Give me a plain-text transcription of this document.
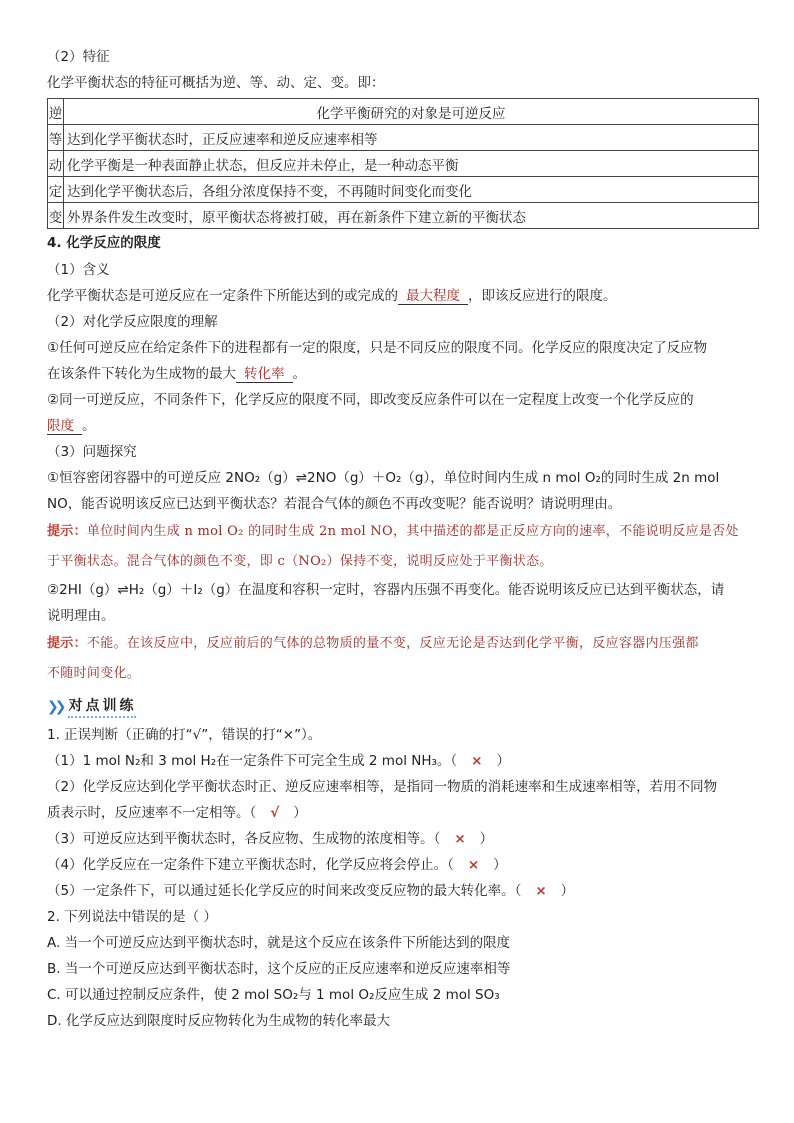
（2）特征
化学平衡状态的特征可概括为逆、等、动、定、变。即：
逆	化学平衡研究的对象是可逆反应
等	达到化学平衡状态时，正反应速率和逆反应速率相等
动	化学平衡是一种表面静止状态，但反应并未停止，是一种动态平衡
定	达到化学平衡状态后，各组分浓度保持不变，不再随时间变化而变化
变	外界条件发生改变时，原平衡状态将被打破，再在新条件下建立新的平衡状态
4. 化学反应的限度
（1）含义
化学平衡状态是可逆反应在一定条件下所能达到的或完成的 最大程度 ，即该反应进行的限度。
（2）对化学反应限度的理解
①任何可逆反应在给定条件下的进程都有一定的限度，只是不同反应的限度不同。化学反应的限度决定了反应物
在该条件下转化为生成物的最大 转化率 。
②同一可逆反应，不同条件下，化学反应的限度不同，即改变反应条件可以在一定程度上改变一个化学反应的
限度 。
（3）问题探究
①恒容密闭容器中的可逆反应 2NO₂（g）⇌2NO（g）＋O₂（g），单位时间内生成 n mol O₂的同时生成 2n mol
NO，能否说明该反应已达到平衡状态？若混合气体的颜色不再改变呢？能否说明？请说明理由。
提示：单位时间内生成 n mol O₂ 的同时生成 2n mol NO，其中描述的都是正反应方向的速率，不能说明反应是否处
于平衡状态。混合气体的颜色不变，即 c（NO₂）保持不变，说明反应处于平衡状态。
②2HI（g）⇌H₂（g）＋I₂（g）在温度和容积一定时，容器内压强不再变化。能否说明该反应已达到平衡状态，请
说明理由。
提示：不能。在该反应中，反应前后的气体的总物质的量不变，反应无论是否达到化学平衡，反应容器内压强都
不随时间变化。
❯❯ 对点训练
1. 正误判断（正确的打“√”，错误的打“×”）。
（1）1 mol N₂和 3 mol H₂在一定条件下可完全生成 2 mol NH₃。（ × ）
（2）化学反应达到化学平衡状态时正、逆反应速率相等，是指同一物质的消耗速率和生成速率相等，若用不同物
质表示时，反应速率不一定相等。（ √ ）
（3）可逆反应达到平衡状态时，各反应物、生成物的浓度相等。（ × ）
（4）化学反应在一定条件下建立平衡状态时，化学反应将会停止。（ × ）
（5）一定条件下，可以通过延长化学反应的时间来改变反应物的最大转化率。（ × ）
2. 下列说法中错误的是（ ）
A. 当一个可逆反应达到平衡状态时，就是这个反应在该条件下所能达到的限度
B. 当一个可逆反应达到平衡状态时，这个反应的正反应速率和逆反应速率相等
C. 可以通过控制反应条件，使 2 mol SO₂与 1 mol O₂反应生成 2 mol SO₃
D. 化学反应达到限度时反应物转化为生成物的转化率最大
